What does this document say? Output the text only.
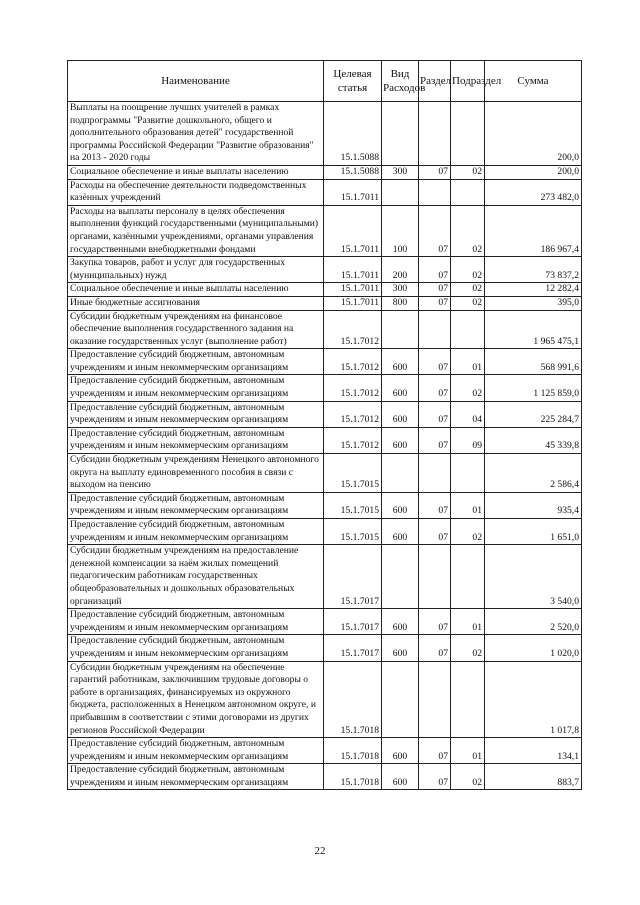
Наименование	Целевая статья	Вид Расходов	Раздел	Подраздел	Сумма
Выплаты на поощрение лучших учителей в рамках подпрограммы "Развитие дошкольного, общего и дополнительного образования детей" государственной программы Российской Федерации "Развитие образования" на 2013 - 2020 годы	15.1.5088				200,0
Социальное обеспечение и иные выплаты населению	15.1.5088	300	07	02	200,0
Расходы на обеспечение деятельности подведомственных казённых учреждений	15.1.7011				273 482,0
Расходы на выплаты персоналу в целях обеспечения выполнения функций государственными (муниципальными) органами, казёнными учреждениями, органами управления государственными внебюджетными фондами	15.1.7011	100	07	02	186 967,4
Закупка товаров, работ и услуг для государственных (муниципальных) нужд	15.1.7011	200	07	02	73 837,2
Социальное обеспечение и иные выплаты населению	15.1.7011	300	07	02	12 282,4
Иные бюджетные ассигнования	15.1.7011	800	07	02	395,0
Субсидии бюджетным учреждениям на финансовое обеспечение выполнения государственного задания на оказание государственных услуг (выполнение работ)	15.1.7012				1 965 475,1
Предоставление субсидий бюджетным, автономным учреждениям и иным некоммерческим организациям	15.1.7012	600	07	01	568 991,6
Предоставление субсидий бюджетным, автономным учреждениям и иным некоммерческим организациям	15.1.7012	600	07	02	1 125 859,0
Предоставление субсидий бюджетным, автономным учреждениям и иным некоммерческим организациям	15.1.7012	600	07	04	225 284,7
Предоставление субсидий бюджетным, автономным учреждениям и иным некоммерческим организациям	15.1.7012	600	07	09	45 339,8
Субсидии бюджетным учреждениям Ненецкого автономного округа на выплату единовременного пособия в связи с выходом на пенсию	15.1.7015				2 586,4
Предоставление субсидий бюджетным, автономным учреждениям и иным некоммерческим организациям	15.1.7015	600	07	01	935,4
Предоставление субсидий бюджетным, автономным учреждениям и иным некоммерческим организациям	15.1.7015	600	07	02	1 651,0
Субсидии бюджетным учреждениям на предоставление денежной компенсации за наём жилых помещений педагогическим работникам государственных общеобразовательных и дошкольных образовательных организаций	15.1.7017				3 540,0
Предоставление субсидий бюджетным, автономным учреждениям и иным некоммерческим организациям	15.1.7017	600	07	01	2 520,0
Предоставление субсидий бюджетным, автономным учреждениям и иным некоммерческим организациям	15.1.7017	600	07	02	1 020,0
Субсидии бюджетным учреждениям на обеспечение гарантий работникам, заключившим трудовые договоры о работе в организациях, финансируемых из окружного бюджета, расположенных в Ненецком автономном округе, и прибывшим в соответствии с этими договорами из других регионов Российской Федерации	15.1.7018				1 017,8
Предоставление субсидий бюджетным, автономным учреждениям и иным некоммерческим организациям	15.1.7018	600	07	01	134,1
Предоставление субсидий бюджетным, автономным учреждениям и иным некоммерческим организациям	15.1.7018	600	07	02	883,7
22
